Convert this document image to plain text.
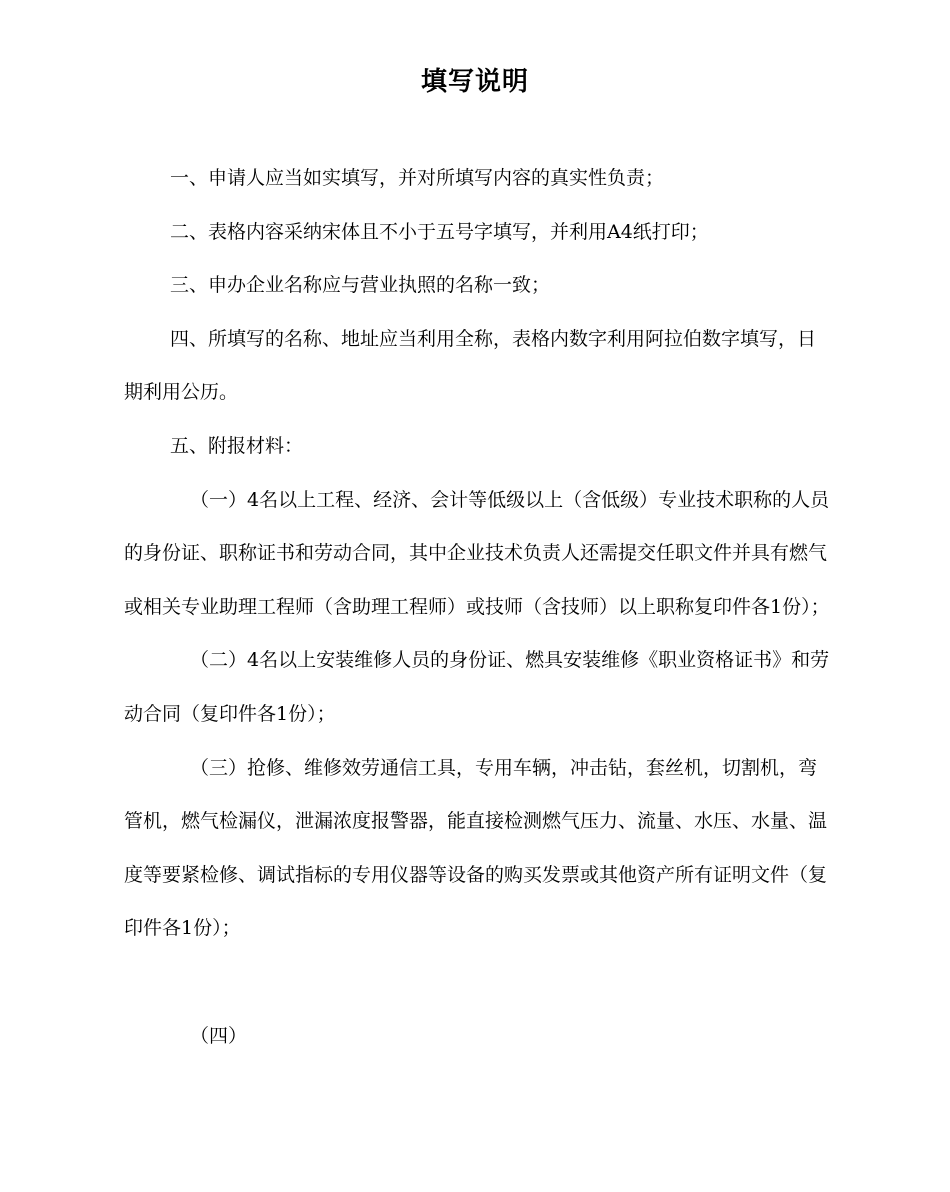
填写说明

一、申请人应当如实填写，并对所填写内容的真实性负责；

二、表格内容采纳宋体且不小于五号字填写，并利用A4纸打印；

三、申办企业名称应与营业执照的名称一致；

四、所填写的名称、地址应当利用全称，表格内数字利用阿拉伯数字填写，日期利用公历。

五、附报材料：

（一）4名以上工程、经济、会计等低级以上（含低级）专业技术职称的人员的身份证、职称证书和劳动合同，其中企业技术负责人还需提交任职文件并具有燃气或相关专业助理工程师（含助理工程师）或技师（含技师）以上职称复印件各1份）；

（二）4名以上安装维修人员的身份证、燃具安装维修《职业资格证书》和劳动合同（复印件各1份）；

（三）抢修、维修效劳通信工具，专用车辆，冲击钻，套丝机，切割机，弯管机，燃气检漏仪，泄漏浓度报警器，能直接检测燃气压力、流量、水压、水量、温度等要紧检修、调试指标的专用仪器等设备的购买发票或其他资产所有证明文件（复印件各1份）；

（四）
